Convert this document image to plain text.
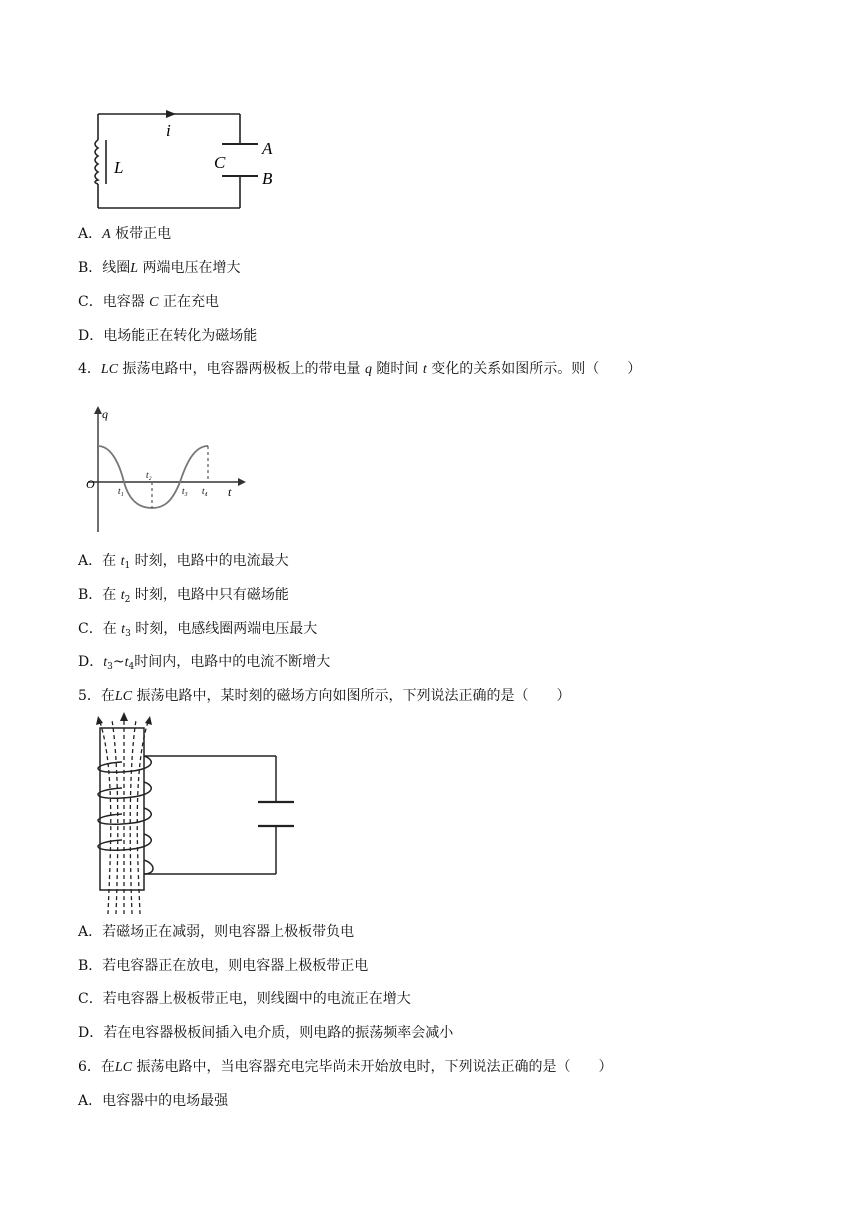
i
L	C
A
B
A．A 板带正电
B．线圈L 两端电压在增大
C．电容器 C 正在充电
D．电场能正在转化为磁场能
4．LC 振荡电路中，电容器两极板上的带电量 q 随时间 t 变化的关系如图所示。则（　　）
q
t
O	t₁
t₂
t₃ t₄
A．在 $t_1$ 时刻，电路中的电流最大
B．在 $t_2$ 时刻，电路中只有磁场能
C．在 $t_3$ 时刻，电感线圈两端电压最大
D．$t_3\sim t_4$时间内，电路中的电流不断增大
5．在LC 振荡电路中，某时刻的磁场方向如图所示，下列说法正确的是（　　）
A．若磁场正在减弱，则电容器上极板带负电
B．若电容器正在放电，则电容器上极板带正电
C．若电容器上极板带正电，则线圈中的电流正在增大
D．若在电容器极板间插入电介质，则电路的振荡频率会减小
6．在LC 振荡电路中，当电容器充电完毕尚未开始放电时，下列说法正确的是（　　）
A．电容器中的电场最强
